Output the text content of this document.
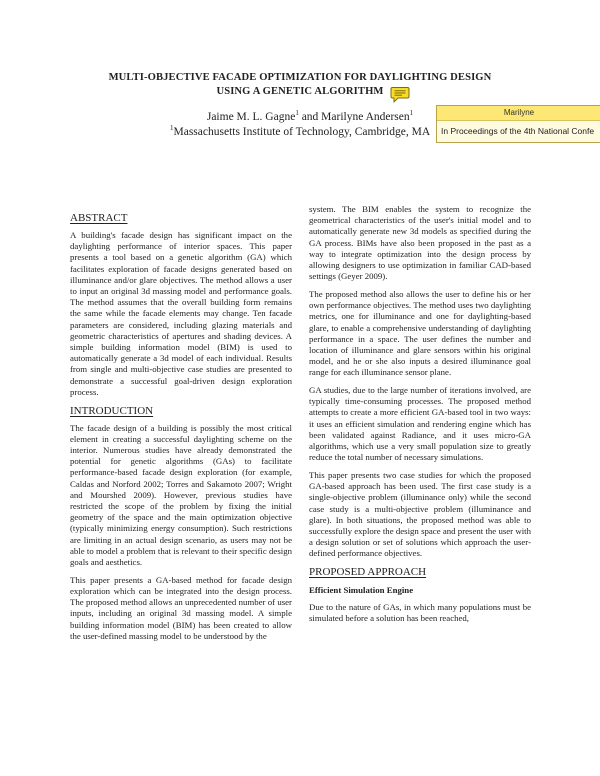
MULTI-OBJECTIVE FACADE OPTIMIZATION FOR DAYLIGHTING DESIGN
USING A GENETIC ALGORITHM
Jaime M. L. Gagne$^1$ and Marilyne Andersen$^1$
$^1$Massachusetts Institute of Technology, Cambridge, MA
Marilyne
In Proceedings of the 4th National Confe
ABSTRACT

A building's facade design has significant impact on the daylighting performance of interior spaces. This paper presents a tool based on a genetic algorithm (GA) which facilitates exploration of facade designs generated based on illuminance and/or glare objectives. The method allows a user to input an original 3d massing model and performance goals. The method assumes that the overall building form remains the same while the facade elements may change. Ten facade parameters are considered, including glazing materials and geometric characteristics of apertures and shading devices. A simple building information model (BIM) is used to automatically generate a 3d model of each individual. Results from single and multi-objective case studies are presented to demonstrate a successful goal-driven design exploration process.

INTRODUCTION

The facade design of a building is possibly the most critical element in creating a successful daylighting scheme on the interior. Numerous studies have already demonstrated the potential for genetic algorithms (GAs) to facilitate performance-based facade design exploration (for example, Caldas and Norford 2002; Torres and Sakamoto 2007; Wright and Mourshed 2009). However, previous studies have restricted the scope of the problem by fixing the initial geometry of the space and the main optimization objective (typically minimizing energy consumption). Such restrictions are limiting in an actual design scenario, as users may not be able to model a problem that is relevant to their specific design goals and aesthetics.

This paper presents a GA-based method for facade design exploration which can be integrated into the design process. The proposed method allows an unprecedented number of user inputs, including an original 3d massing model. A simple building information model (BIM) has been created to allow the user-defined massing model to be understood by the

system. The BIM enables the system to recognize the geometrical characteristics of the user's initial model and to automatically generate new 3d models as specified during the GA process. BIMs have also been proposed in the past as a way to integrate optimization into the design process by allowing designers to use optimization in familiar CAD-based settings (Geyer 2009).

The proposed method also allows the user to define his or her own performance objectives. The method uses two daylighting metrics, one for illuminance and one for daylighting-based glare, to enable a comprehensive understanding of daylighting performance in a space. The user defines the number and location of illuminance and glare sensors within his original model, and he or she also inputs a desired illuminance goal range for each illuminance sensor plane.

GA studies, due to the large number of iterations involved, are typically time-consuming processes. The proposed method attempts to create a more efficient GA-based tool in two ways: it uses an efficient simulation and rendering engine which has been validated against Radiance, and it uses micro-GA algorithms, which use a very small population size to greatly reduce the total number of necessary simulations.

This paper presents two case studies for which the proposed GA-based approach has been used. The first case study is a single-objective problem (illuminance only) while the second case study is a multi-objective problem (illuminance and glare). In both situations, the proposed method was able to successfully explore the design space and present the user with a design solution or set of solutions which approach the user-defined performance objectives.

PROPOSED APPROACH
Efficient Simulation Engine

Due to the nature of GAs, in which many populations must be simulated before a solution has been reached,
